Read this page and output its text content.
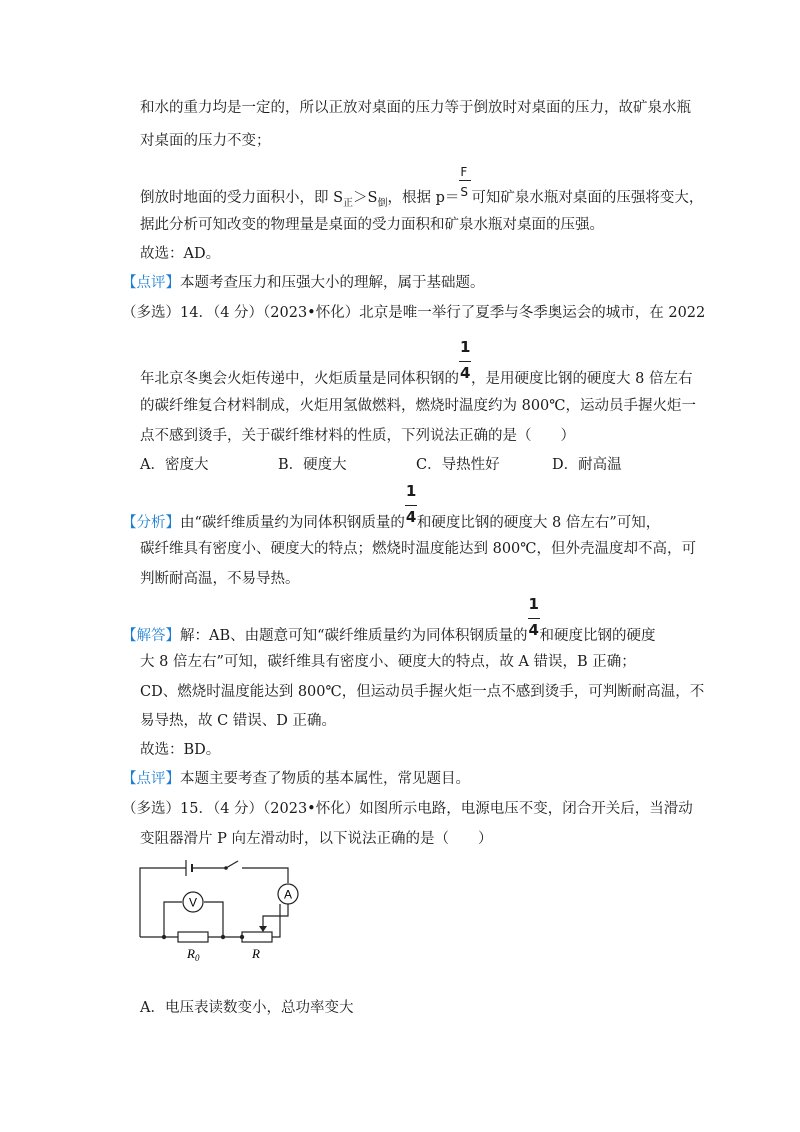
和水的重力均是一定的，所以正放对桌面的压力等于倒放时对桌面的压力，故矿泉水瓶
对桌面的压力不变；
倒放时地面的受力面积小，即 $S_正>S_倒$，根据 $p= \frac{F}{S}$ 可知矿泉水瓶对桌面的压强将变大，
据此分析可知改变的物理量是桌面的受力面积和矿泉水瓶对桌面的压强。
故选：AD。
【点评】本题考查压力和压强大小的理解，属于基础题。
（多选）14．（4 分）（2023•怀化）北京是唯一举行了夏季与冬季奥运会的城市，在 2022
年北京冬奥会火炬传递中，火炬质量是同体积钢的 $\frac{1}{4}$ ，是用硬度比钢的硬度大 8 倍左右
的碳纤维复合材料制成，火炬用氢做燃料，燃烧时温度约为 800℃，运动员手握火炬一
点不感到烫手，关于碳纤维材料的性质，下列说法正确的是（　　）
A．密度大	B．硬度大	C．导热性好	D．耐高温
【分析】由“碳纤维质量约为同体积钢质量的 $\frac{1}{4}$ 和硬度比钢的硬度大 8 倍左右”可知，
碳纤维具有密度小、硬度大的特点；燃烧时温度能达到 800℃，但外壳温度却不高，可
判断耐高温，不易导热。
【解答】解：AB、由题意可知“碳纤维质量约为同体积钢质量的 $\frac{1}{4}$ 和硬度比钢的硬度
大 8 倍左右”可知，碳纤维具有密度小、硬度大的特点，故 A 错误，B 正确；
CD、燃烧时温度能达到 800℃，但运动员手握火炬一点不感到烫手，可判断耐高温，不
易导热，故 C 错误、D 正确。
故选：BD。
【点评】本题主要考查了物质的基本属性，常见题目。
（多选）15．（4 分）（2023•怀化）如图所示电路，电源电压不变，闭合开关后，当滑动
变阻器滑片 P 向左滑动时，以下说法正确的是（　　）
A
V
$R_0$	R
A．电压表读数变小，总功率变大
